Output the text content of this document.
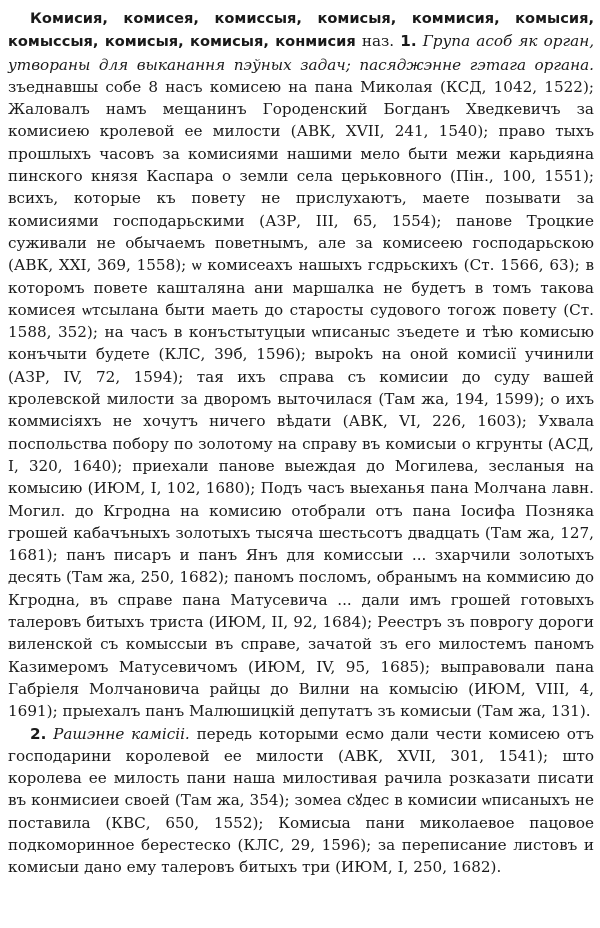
Комисия, комисея, комиссыя, комисыя, коммисия, комысия, комыссыя, комисыя, комисыя, конмисия наз. 1. Група асоб як орган, утвораны для выканання пэўных задач; пасяджэнне гэтага органа. зъеднавшы собе 8 насъ комисею на пана Миколая (КСД, 1042, 1522); Жаловалъ намъ мещанинъ Городенский Богданъ Хведкевичъ за комисиею кролевой ее милости (АВК, XVII, 241, 1540); право тыхъ прошлыхъ часовъ за комисиями нашими мело быти межи карьдияна пинского князя Каспара о земли села церьковного (Пін., 100, 1551); всихъ, которые къ повету не прислухаютъ, маете позывати за комисиями господарьскими (АЗР, III, 65, 1554); панове Троцкие суживали не обычаемъ поветнымъ, але за комисеею господарьскою (АВК, XXI, 369, 1558); ѡ комисеахъ нашыхъ гсдрьскихъ (Ст. 1566, 63); в которомъ повете кашталяна ани маршалка не будетъ в томъ такова комисея ѡтсылана быти маеть до старосты судового тогож повету (Ст. 1588, 352); на часъ в конъстытуцыи ѡписаныс зъедете и тѣю комисыю конъчыти будете (КЛС, 39б, 1596); выроkъ на оной комисії учинили (АЗР, IV, 72, 1594); тая ихъ справа съ комисии до суду вашей кролевской милости за дворомъ выточилася (Там жа, 194, 1599); о ихъ коммисіяхъ не хочутъ ничего вѣдати (АВК, VI, 226, 1603); Ухвала поспольства побору по золотому на справу въ комисыи о кгрунты (АСД, I, 320, 1640); приехали панове выеждая до Могилева, зесланыя на комысию (ИЮМ, I, 102, 1680); Подъ часъ выеханья пана Молчана лавн. Могил. до Кгродна на комисию отобрали отъ пана Іосифа Позняка грошей кабачъныхъ золотыхъ тысяча шестьсотъ двадцать (Там жа, 127, 1681); панъ писаръ и панъ Янъ для комиссыи ... зхарчили золотыхъ десять (Там жа, 250, 1682); паномъ посломъ, обранымъ на коммисию до Кгродна, въ справе пана Матусевича ... дали имъ грошей готовыхъ талеровъ битыхъ триста (ИЮМ, II, 92, 1684); Реестръ зъ поврогу дороги виленской съ комыссыи въ справе, зачатой зъ его милостемъ паномъ Казимеромъ Матусевичомъ (ИЮМ, IV, 95, 1685); выправовали пана Габріеля Молчановича райцы до Вилни на комысію (ИЮМ, VIII, 4, 1691); прыехалъ панъ Малюшицкій депутатъ зъ комисыи (Там жа, 131).

2. Рашэнне камісіі. передь которыми есмо дали чести комисею отъ господарини королевой ее милости (АВК, XVII, 301, 1541); што королева ее милость пани наша милостивая рачила розказати писати въ конмисиеи своей (Там жа, 354); зомеа сꙋдес в комисии ѡписаныхъ не поставила (КВС, 650, 1552); Комисыа пани миколаевое пацовое подкоморинное берестеско (КЛС, 29, 1596); за переписание листовъ и комисыи дано ему талеровъ битыхъ три (ИЮМ, I, 250, 1682).
